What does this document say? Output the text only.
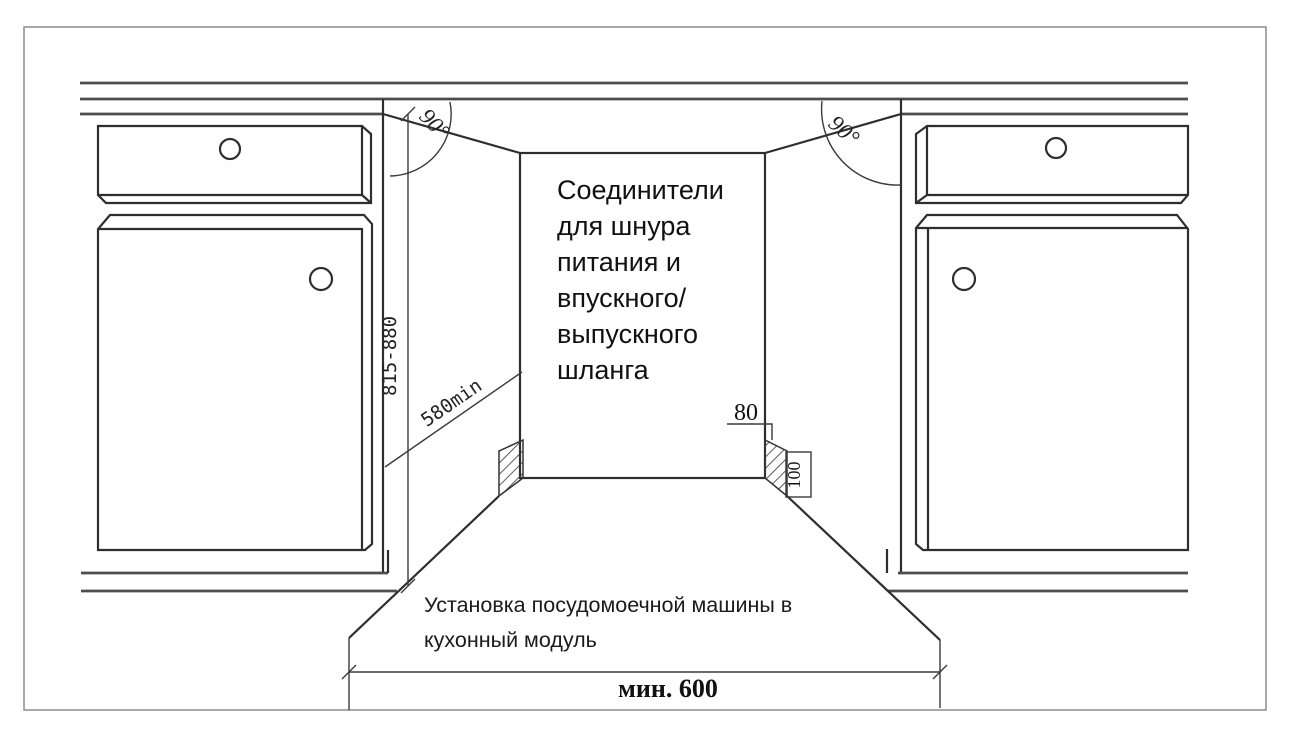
90°	90°
815-880
580min	80
100
мин. 600
Соединители
для шнура
питания и
впускного/
выпускного
шланга
Установка посудомоечной машины в
кухонный модуль
